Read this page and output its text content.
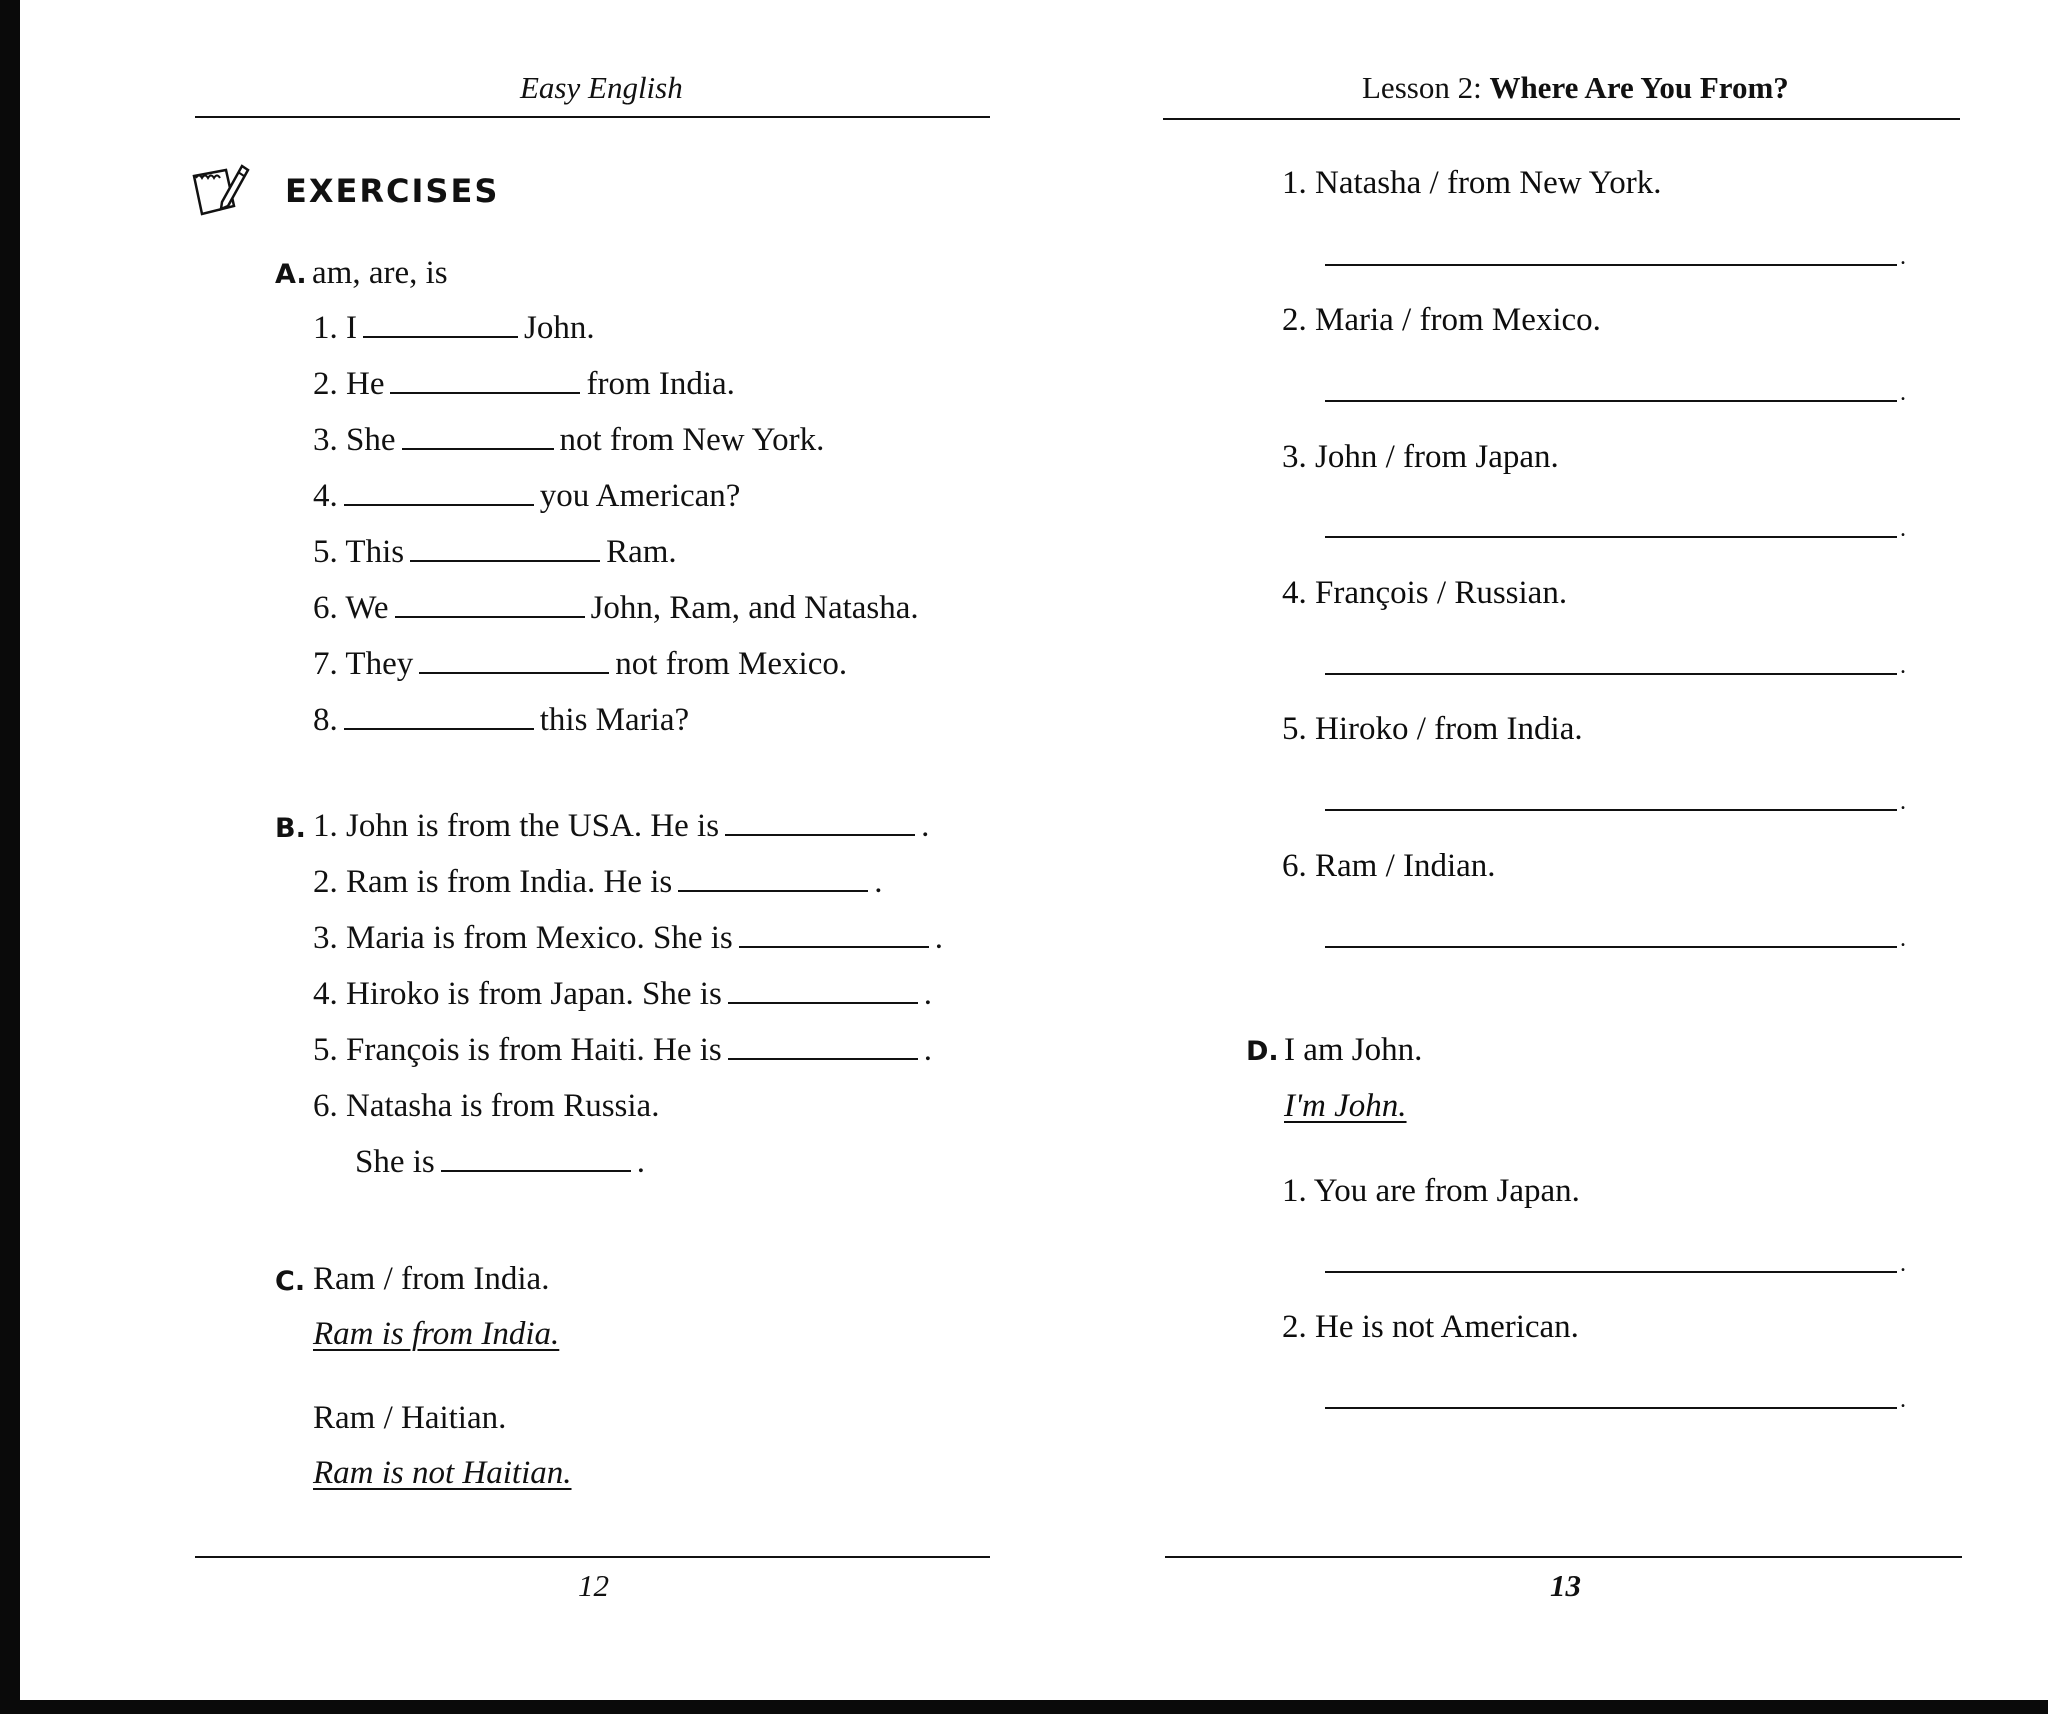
Easy English
EXERCISES
A. am, are, is
1. I	John.
2. He	from India.
3. She	not from New York.
4.	you American?
5. This	Ram.
6. We	John, Ram, and Natasha.
7. They	not from Mexico.
8.	this Maria?
B. 1. John is from the USA. He is	.
2. Ram is from India. He is	.
3. Maria is from Mexico. She is	.
4. Hiroko is from Japan. She is	.
5. François is from Haiti. He is	.
6. Natasha is from Russia.
She is	.
C. Ram / from India.
Ram is from India.
Ram / Haitian.
Ram is not Haitian.
12
Lesson 2: Where Are You From?
1. Natasha / from New York.
.
2. Maria / from Mexico.
.
3. John / from Japan.
.
4. François / Russian.
.
5. Hiroko / from India.
.
6. Ram / Indian.
.
D. I am John.
I'm John.
1. You are from Japan.
.
2. He is not American.
.
13
